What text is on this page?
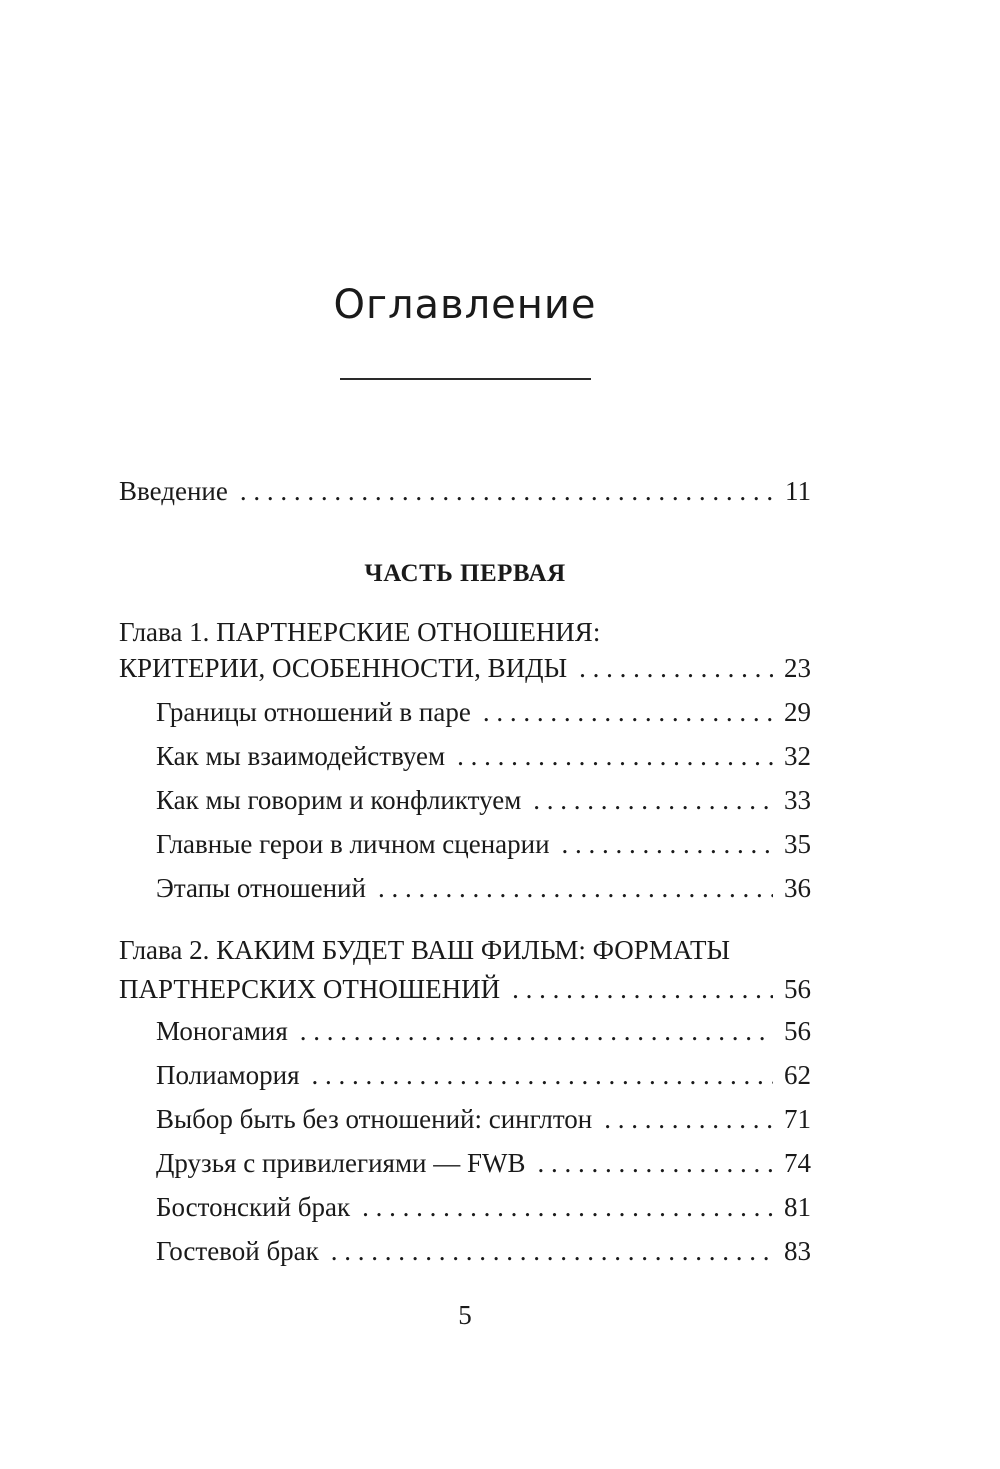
Оглавление
Введение . . .	11
ЧАСТЬ ПЕРВАЯ
Глава 1. ПАРТНЕРСКИЕ ОТНОШЕНИЯ:
КРИТЕРИИ, ОСОБЕННОСТИ, ВИДЫ . . .	23
Границы отношений в паре . . .	29
Как мы взаимодействуем . . .	32
Как мы говорим и конфликтуем . . .	33
Главные герои в личном сценарии . . .	35
Этапы отношений . . .	36
Глава 2. КАКИМ БУДЕТ ВАШ ФИЛЬМ: ФОРМАТЫ
ПАРТНЕРСКИХ ОТНОШЕНИЙ . . .	56
Моногамия . . .	56
Полиамория . . .	62
Выбор быть без отношений: синглтон . . .	71
Друзья с привилегиями — FWB . . .	74
Бостонский брак . . .	81
Гостевой брак . . .	83
5
